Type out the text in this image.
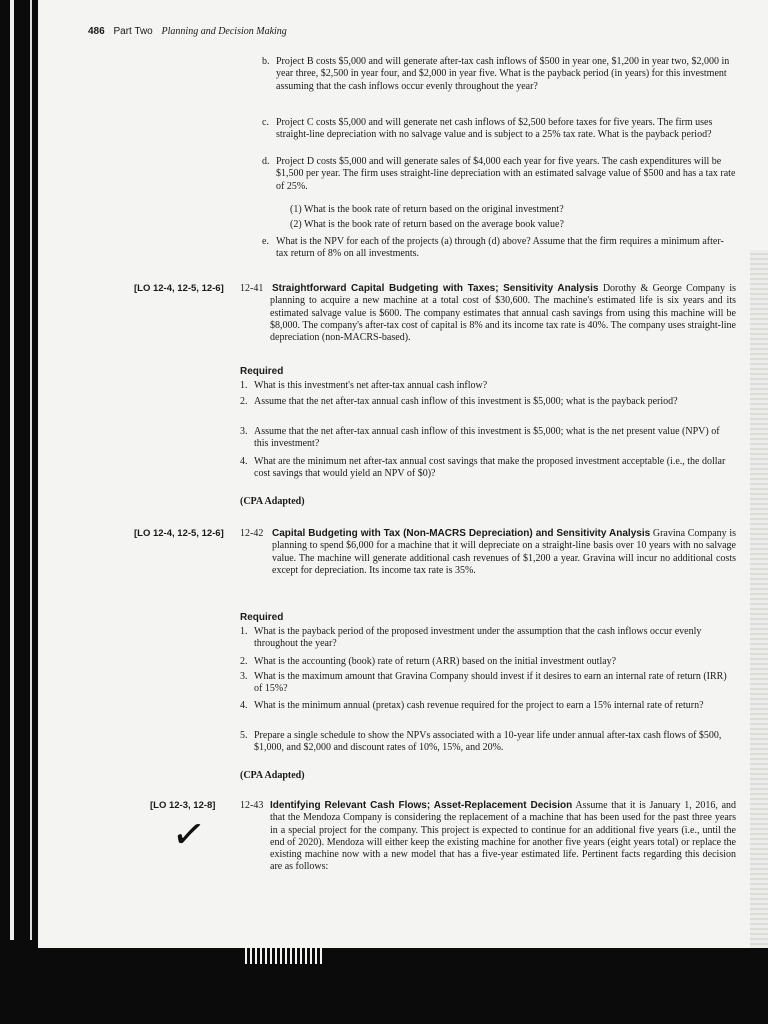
486 Part Two Planning and Decision Making
b. Project B costs $5,000 and will generate after-tax cash inflows of $500 in year one, $1,200 in year two, $2,000 in year three, $2,500 in year four, and $2,000 in year five. What is the payback period (in years) for this investment assuming that the cash inflows occur evenly throughout the year?
c. Project C costs $5,000 and will generate net cash inflows of $2,500 before taxes for five years. The firm uses straight-line depreciation with no salvage value and is subject to a 25% tax rate. What is the payback period?
d. Project D costs $5,000 and will generate sales of $4,000 each year for five years. The cash expenditures will be $1,500 per year. The firm uses straight-line depreciation with an estimated salvage value of $500 and has a tax rate of 25%.
(1) What is the book rate of return based on the original investment?
(2) What is the book rate of return based on the average book value?
e. What is the NPV for each of the projects (a) through (d) above? Assume that the firm requires a minimum after-tax return of 8% on all investments.
[LO 12-4, 12-5, 12-6] 12-41 Straightforward Capital Budgeting with Taxes; Sensitivity Analysis Dorothy & George Company is planning to acquire a new machine at a total cost of $30,600. The machine's estimated life is six years and its estimated salvage value is $600. The company estimates that annual cash savings from using this machine will be $8,000. The company's after-tax cost of capital is 8% and its income tax rate is 40%. The company uses straight-line depreciation (non-MACRS-based).
Required
1. What is this investment's net after-tax annual cash inflow?
2. Assume that the net after-tax annual cash inflow of this investment is $5,000; what is the payback period?
3. Assume that the net after-tax annual cash inflow of this investment is $5,000; what is the net present value (NPV) of this investment?
4. What are the minimum net after-tax annual cost savings that make the proposed investment acceptable (i.e., the dollar cost savings that would yield an NPV of $0)?
(CPA Adapted)
[LO 12-4, 12-5, 12-6] 12-42 Capital Budgeting with Tax (Non-MACRS Depreciation) and Sensitivity Analysis Gravina Company is planning to spend $6,000 for a machine that it will depreciate on a straight-line basis over 10 years with no salvage value. The machine will generate additional cash revenues of $1,200 a year. Gravina will incur no additional costs except for depreciation. Its income tax rate is 35%.
Required
1. What is the payback period of the proposed investment under the assumption that the cash inflows occur evenly throughout the year?
2. What is the accounting (book) rate of return (ARR) based on the initial investment outlay?
3. What is the maximum amount that Gravina Company should invest if it desires to earn an internal rate of return (IRR) of 15%?
4. What is the minimum annual (pretax) cash revenue required for the project to earn a 15% internal rate of return?
5. Prepare a single schedule to show the NPVs associated with a 10-year life under annual after-tax cash flows of $500, $1,000, and $2,000 and discount rates of 10%, 15%, and 20%.
(CPA Adapted)
[LO 12-3, 12-8]
✓
12-43 Identifying Relevant Cash Flows; Asset-Replacement Decision Assume that it is January 1, 2016, and that the Mendoza Company is considering the replacement of a machine that has been used for the past three years in a special project for the company. This project is expected to continue for an additional five years (i.e., until the end of 2020). Mendoza will either keep the existing machine for another five years (eight years total) or replace the existing machine now with a new model that has a five-year estimated life. Pertinent facts regarding this decision are as follows:
